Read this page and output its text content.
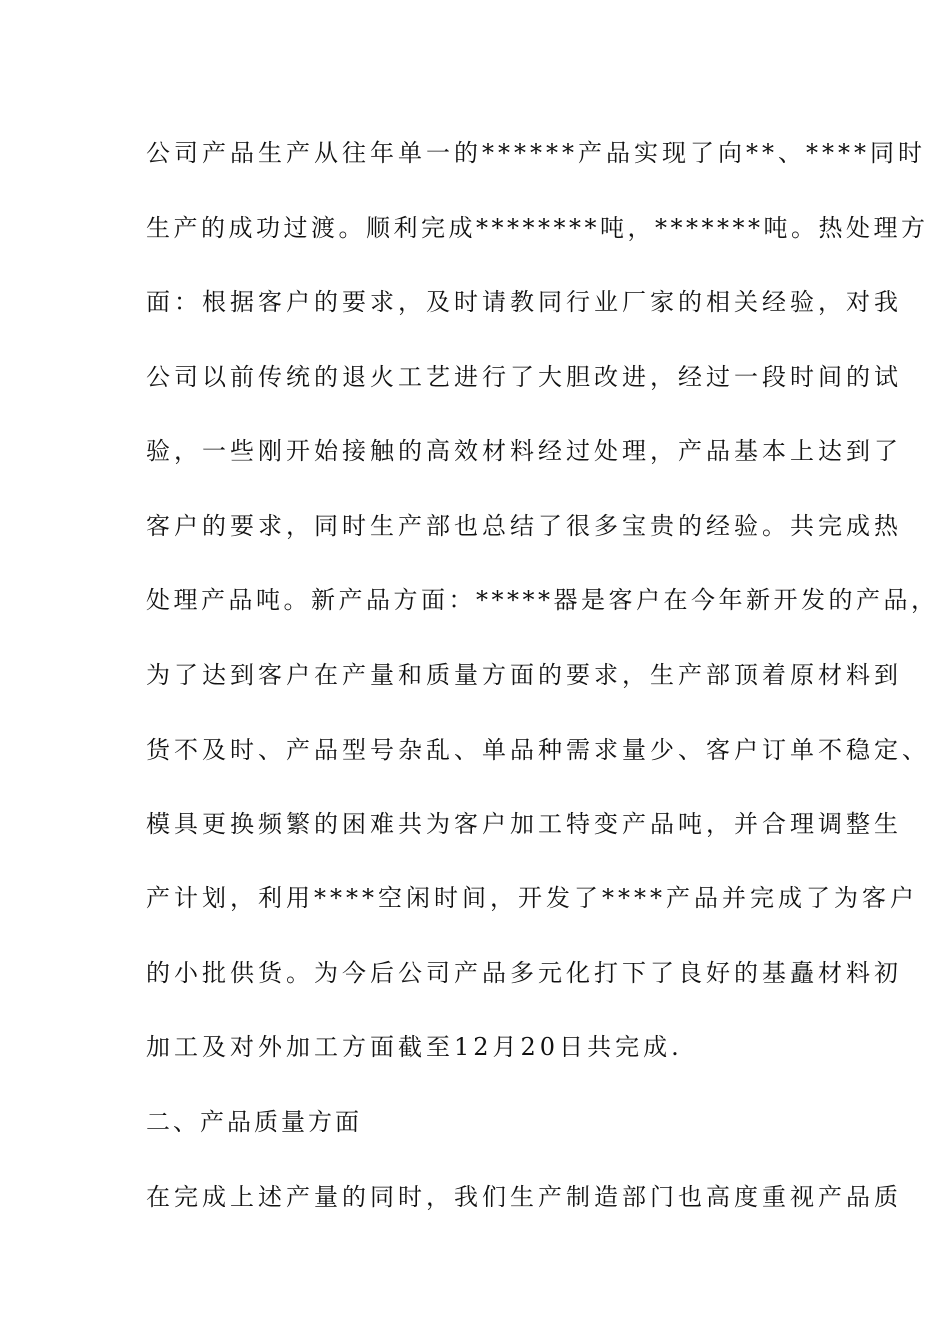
公司产品生产从往年单一的******产品实现了向**、****同时
生产的成功过渡。顺利完成********吨，*******吨。热处理方
面：根据客户的要求，及时请教同行业厂家的相关经验，对我
公司以前传统的退火工艺进行了大胆改进，经过一段时间的试
验，一些刚开始接触的高效材料经过处理，产品基本上达到了
客户的要求，同时生产部也总结了很多宝贵的经验。共完成热
处理产品吨。新产品方面：*****器是客户在今年新开发的产品，
为了达到客户在产量和质量方面的要求，生产部顶着原材料到
货不及时、产品型号杂乱、单品种需求量少、客户订单不稳定、
模具更换频繁的困难共为客户加工特变产品吨，并合理调整生
产计划，利用****空闲时间，开发了****产品并完成了为客户
的小批供货。为今后公司产品多元化打下了良好的基矗材料初
加工及对外加工方面截至12月20日共完成.
二、产品质量方面
在完成上述产量的同时，我们生产制造部门也高度重视产品质
